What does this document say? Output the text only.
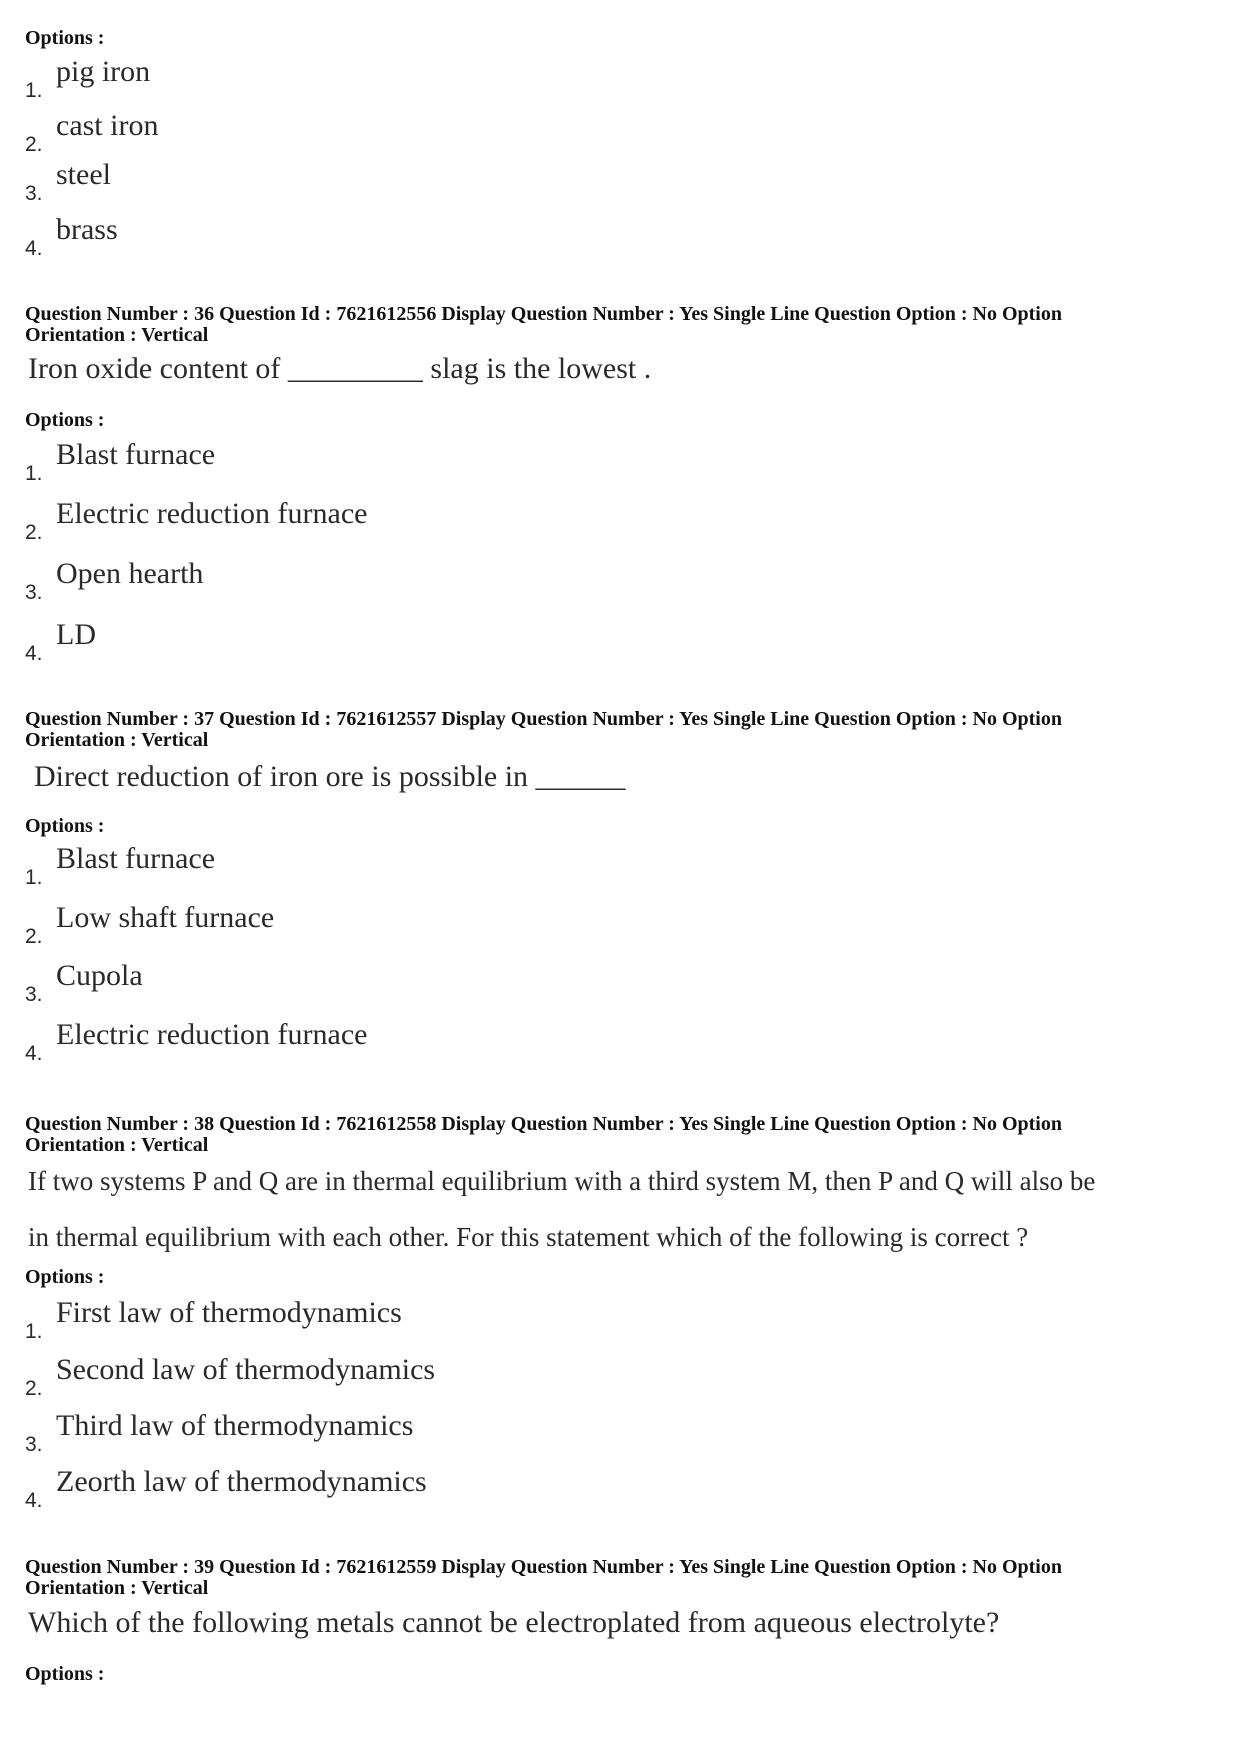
Options :
1.
pig iron
2.
cast iron
3.
steel
4.
brass
Question Number : 36 Question Id : 7621612556 Display Question Number : Yes Single Line Question Option : No Option
Orientation : Vertical
Iron oxide content of _________ slag is the lowest .
Options :
1.
Blast furnace
2.
Electric reduction furnace
3.
Open hearth
4.
LD
Question Number : 37 Question Id : 7621612557 Display Question Number : Yes Single Line Question Option : No Option
Orientation : Vertical
Direct reduction of iron ore is possible in ______
Options :
1.
Blast furnace
2.
Low shaft furnace
3.
Cupola
4.
Electric reduction furnace
Question Number : 38 Question Id : 7621612558 Display Question Number : Yes Single Line Question Option : No Option
Orientation : Vertical
If two systems P and Q are in thermal equilibrium with a third system M, then P and Q will also be
in thermal equilibrium with each other. For this statement which of the following is correct ?
Options :
1.
First law of thermodynamics
2.
Second law of thermodynamics
3.
Third law of thermodynamics
4.
Zeorth law of thermodynamics
Question Number : 39 Question Id : 7621612559 Display Question Number : Yes Single Line Question Option : No Option
Orientation : Vertical
Which of the following metals cannot be electroplated from aqueous electrolyte?
Options :
